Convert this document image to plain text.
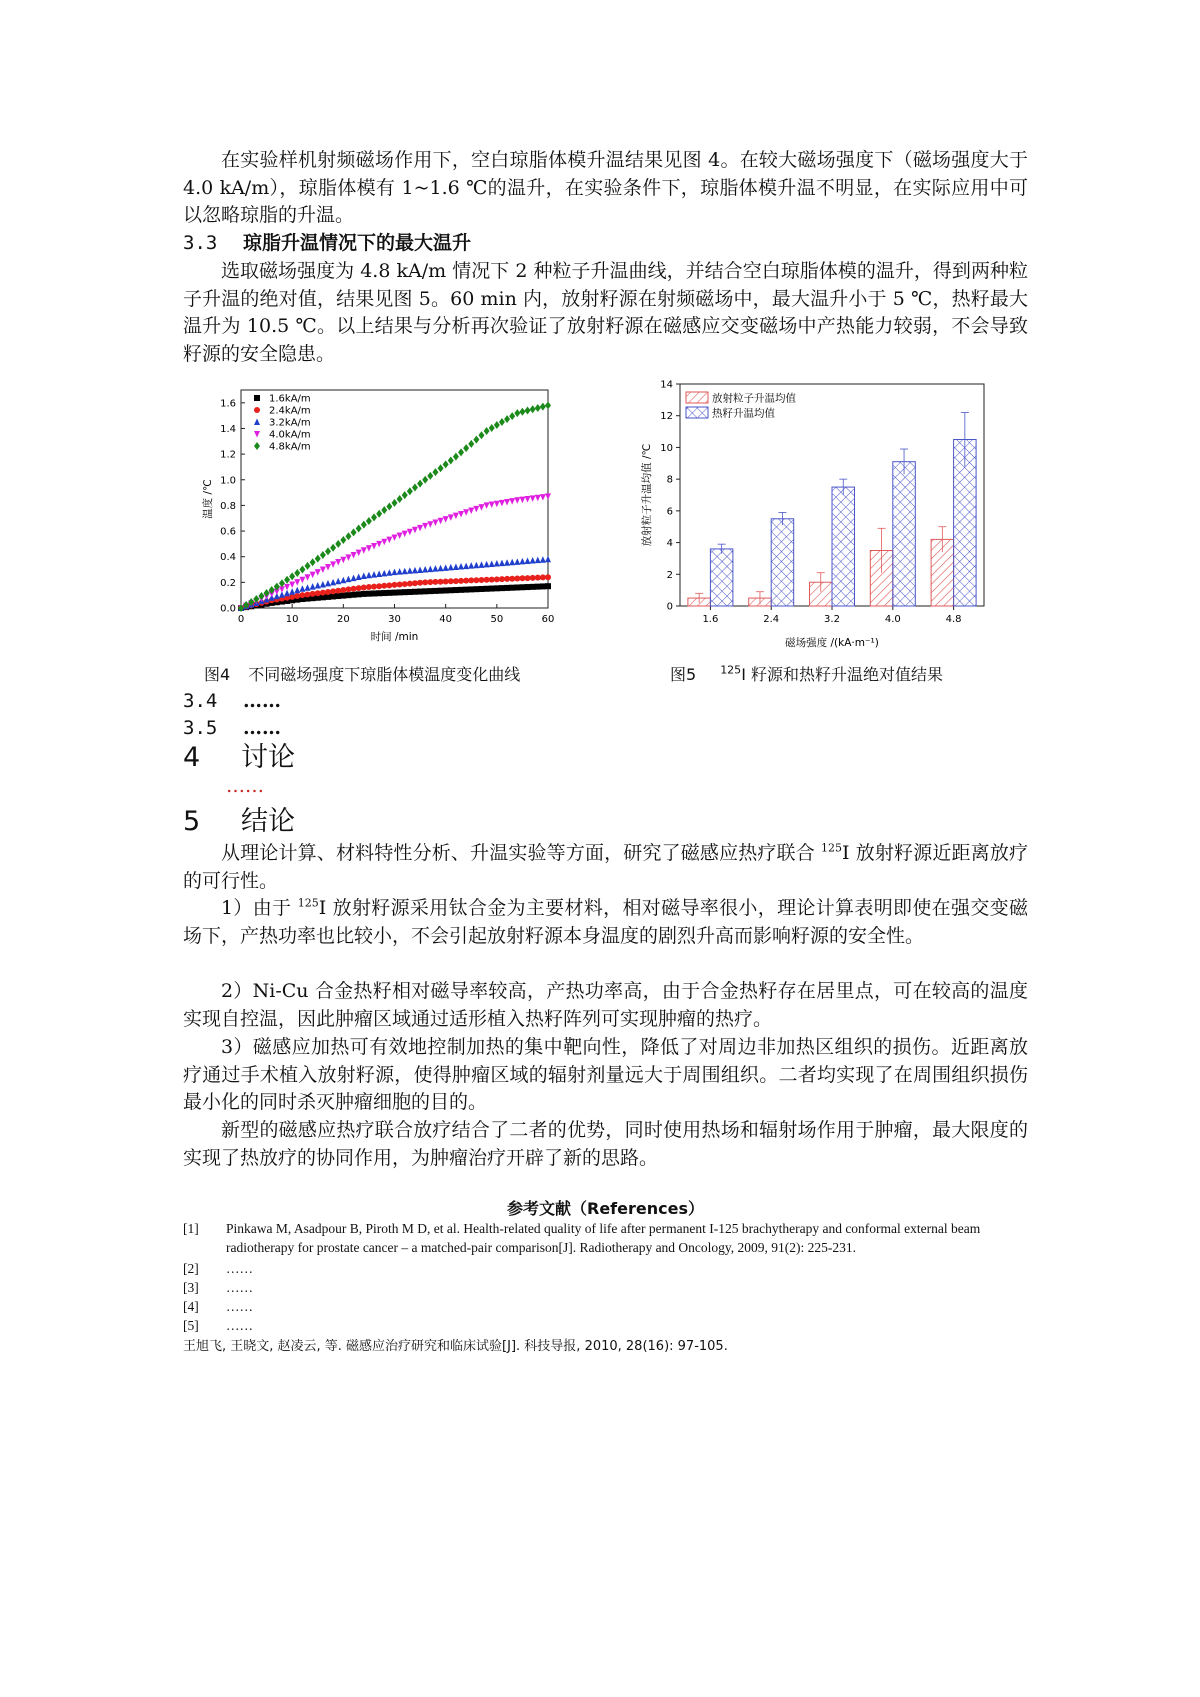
在实验样机射频磁场作用下，空白琼脂体模升温结果见图 4。在较大磁场强度下（磁场强度大于 4.0 kA/m），琼脂体模有 1~1.6 ℃的温升，在实验条件下，琼脂体模升温不明显，在实际应用中可以忽略琼脂的升温。

3.3 琼脂升温情况下的最大温升

选取磁场强度为 4.8 kA/m 情况下 2 种粒子升温曲线，并结合空白琼脂体模的温升，得到两种粒子升温的绝对值，结果见图 5。60 min 内，放射籽源在射频磁场中，最大温升小于 5 ℃，热籽最大温升为 10.5 ℃。以上结果与分析再次验证了放射籽源在磁感应交变磁场中产热能力较弱，不会导致籽源的安全隐患。

0	10	20	30	40	50	60
0.0
0.2
0.4
0.6
0.8
1.0
1.2
1.4
1.6
时间 /min
温度 /℃
1.6kA/m
2.4kA/m
3.2kA/m
4.0kA/m
4.8kA/m
图4 不同磁场强度下琼脂体模温度变化曲线
0
2
4
6
8
10
12
14
1.6	2.4	3.2	4.0	4.8
磁场强度 /(kA·m⁻¹)
放射粒子升温均值 /℃
放射粒子升温均值
热籽升温均值
图5 $^{125}$I 籽源和热籽升温绝对值结果
3.4 ……
3.5 ……
4 讨论
……
5 结论

从理论计算、材料特性分析、升温实验等方面，研究了磁感应热疗联合 $^{125}$I 放射籽源近距离放疗的可行性。

1）由于 $^{125}$I 放射籽源采用钛合金为主要材料，相对磁导率很小，理论计算表明即使在强交变磁场下，产热功率也比较小，不会引起放射籽源本身温度的剧烈升高而影响籽源的安全性。

2）Ni-Cu 合金热籽相对磁导率较高，产热功率高，由于合金热籽存在居里点，可在较高的温度实现自控温，因此肿瘤区域通过适形植入热籽阵列可实现肿瘤的热疗。

3）磁感应加热可有效地控制加热的集中靶向性，降低了对周边非加热区组织的损伤。近距离放疗通过手术植入放射籽源，使得肿瘤区域的辐射剂量远大于周围组织。二者均实现了在周围组织损伤最小化的同时杀灭肿瘤细胞的目的。

新型的磁感应热疗联合放疗结合了二者的优势，同时使用热场和辐射场作用于肿瘤，最大限度的实现了热放疗的协同作用，为肿瘤治疗开辟了新的思路。

参考文献（References）
[1] Pinkawa M, Asadpour B, Piroth M D, et al. Health-related quality of life after permanent I-125 brachytherapy and conformal external beam radiotherapy for prostate cancer – a matched-pair comparison[J]. Radiotherapy and Oncology, 2009, 91(2): 225-231.
[2] ……
[3] ……
[4] ……
[5] ……
王旭飞, 王晓文, 赵凌云, 等. 磁感应治疗研究和临床试验[J]. 科技导报, 2010, 28(16): 97-105.
